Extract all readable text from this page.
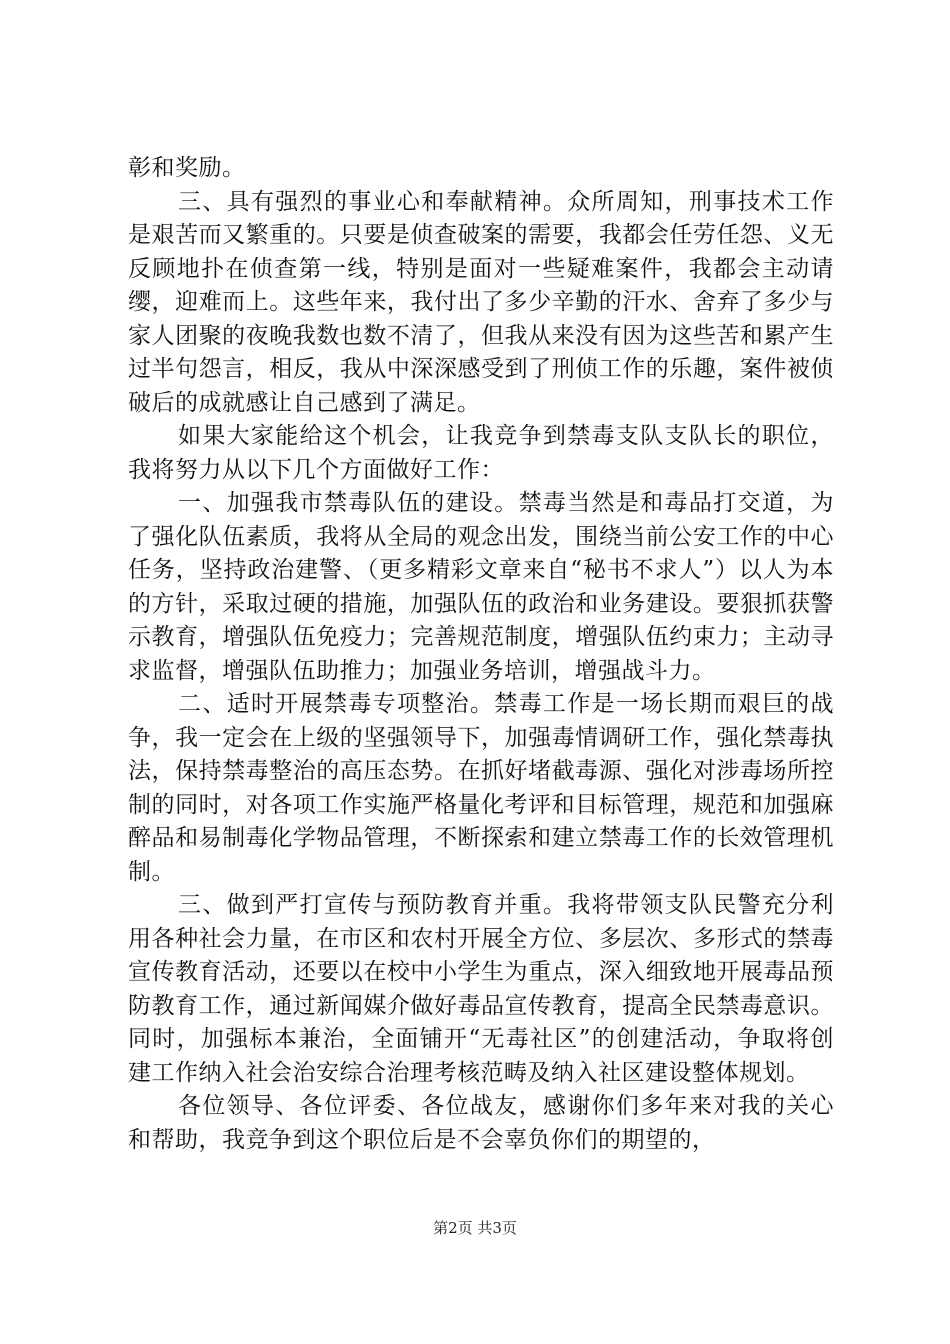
彰和奖励。

三、具有强烈的事业心和奉献精神。众所周知，刑事技术工作是艰苦而又繁重的。只要是侦查破案的需要，我都会任劳任怨、义无反顾地扑在侦查第一线，特别是面对一些疑难案件，我都会主动请缨，迎难而上。这些年来，我付出了多少辛勤的汗水、舍弃了多少与家人团聚的夜晚我数也数不清了，但我从来没有因为这些苦和累产生过半句怨言，相反，我从中深深感受到了刑侦工作的乐趣，案件被侦破后的成就感让自己感到了满足。

如果大家能给这个机会，让我竞争到禁毒支队支队长的职位，我将努力从以下几个方面做好工作：

一、加强我市禁毒队伍的建设。禁毒当然是和毒品打交道，为了强化队伍素质，我将从全局的观念出发，围绕当前公安工作的中心任务，坚持政治建警、（更多精彩文章来自“秘书不求人”）以人为本的方针，采取过硬的措施，加强队伍的政治和业务建设。要狠抓获警示教育，增强队伍免疫力；完善规范制度，增强队伍约束力；主动寻求监督，增强队伍助推力；加强业务培训，增强战斗力。

二、适时开展禁毒专项整治。禁毒工作是一场长期而艰巨的战争，我一定会在上级的坚强领导下，加强毒情调研工作，强化禁毒执法，保持禁毒整治的高压态势。在抓好堵截毒源、强化对涉毒场所控制的同时，对各项工作实施严格量化考评和目标管理，规范和加强麻醉品和易制毒化学物品管理，不断探索和建立禁毒工作的长效管理机制。

三、做到严打宣传与预防教育并重。我将带领支队民警充分利用各种社会力量，在市区和农村开展全方位、多层次、多形式的禁毒宣传教育活动，还要以在校中小学生为重点，深入细致地开展毒品预防教育工作，通过新闻媒介做好毒品宣传教育，提高全民禁毒意识。同时，加强标本兼治，全面铺开“无毒社区”的创建活动，争取将创建工作纳入社会治安综合治理考核范畴及纳入社区建设整体规划。

各位领导、各位评委、各位战友，感谢你们多年来对我的关心和帮助，我竞争到这个职位后是不会辜负你们的期望的，

第2页 共3页
